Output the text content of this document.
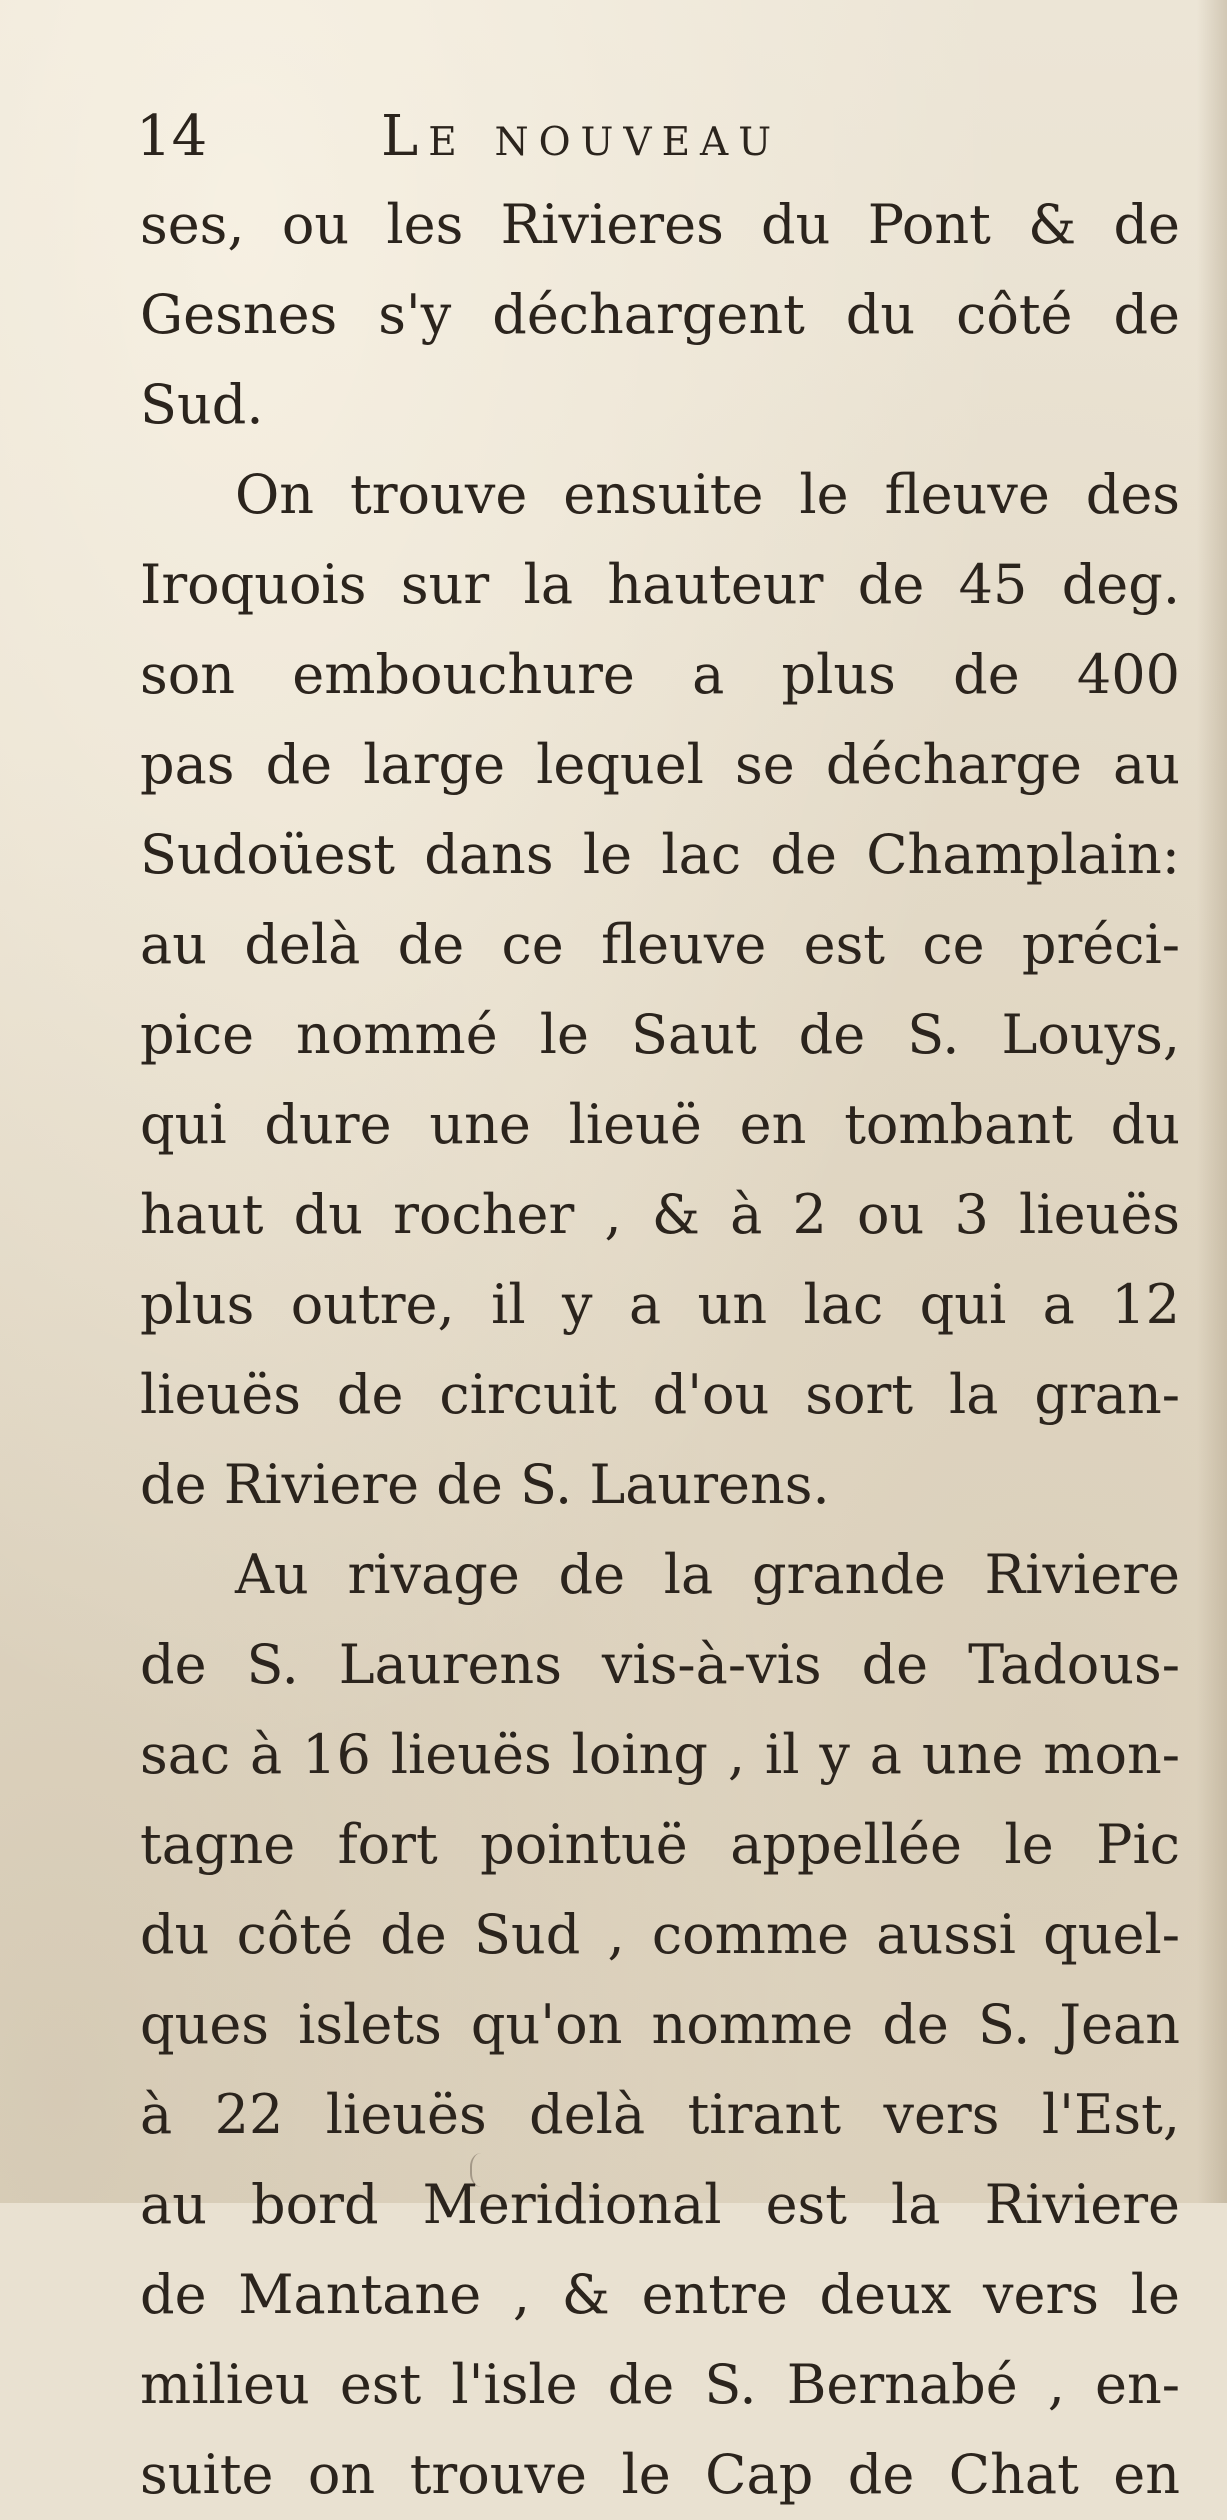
14	Le nouveau
ses, ou les Rivieres du Pont & de
Gesnes s'y déchargent du côté de
Sud.
On trouve ensuite le fleuve des
Iroquois sur la hauteur de 45 deg.
son embouchure a plus de 400
pas de large lequel se décharge au
Sudoüest dans le lac de Champlain:
au delà de ce fleuve est ce préci-
pice nommé le Saut de S. Louys,
qui dure une lieuë en tombant du
haut du rocher , & à 2 ou 3 lieuës
plus outre, il y a un lac qui a 12
lieuës de circuit d'ou sort la gran-
de Riviere de S. Laurens.
Au rivage de la grande Riviere
de S. Laurens vis-à-vis de Tadous-
sac à 16 lieuës loing , il y a une mon-
tagne fort pointuë appellée le Pic
du côté de Sud , comme aussi quel-
ques islets qu'on nomme de S. Jean
à 22 lieuës delà tirant vers l'Est,
au bord Meridional est la Riviere
de Mantane , & entre deux vers le
milieu est l'isle de S. Bernabé , en-
suite on trouve le Cap de Chat en
